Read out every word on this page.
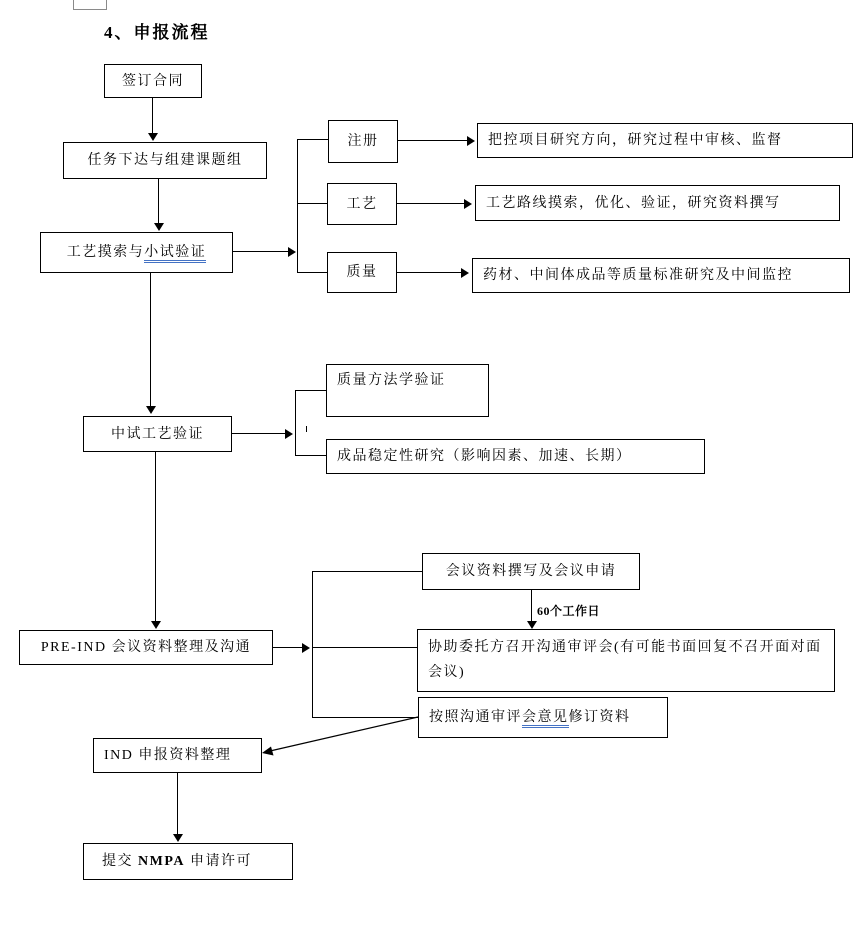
4、申报流程
签订合同
任务下达与组建课题组
工艺摸索与小试验证
中试工艺验证
PRE-IND 会议资料整理及沟通
IND 申报资料整理
提交 NMPA 申请许可
注册
工艺
质量
把控项目研究方向，研究过程中审核、监督
工艺路线摸索，优化、验证，研究资料撰写
药材、中间体成品等质量标准研究及中间监控
质量方法学验证
成品稳定性研究（影响因素、加速、长期）
会议资料撰写及会议申请
60个工作日
协助委托方召开沟通审评会(有可能书面回复不召开面对面会议)
按照沟通审评会意见修订资料
